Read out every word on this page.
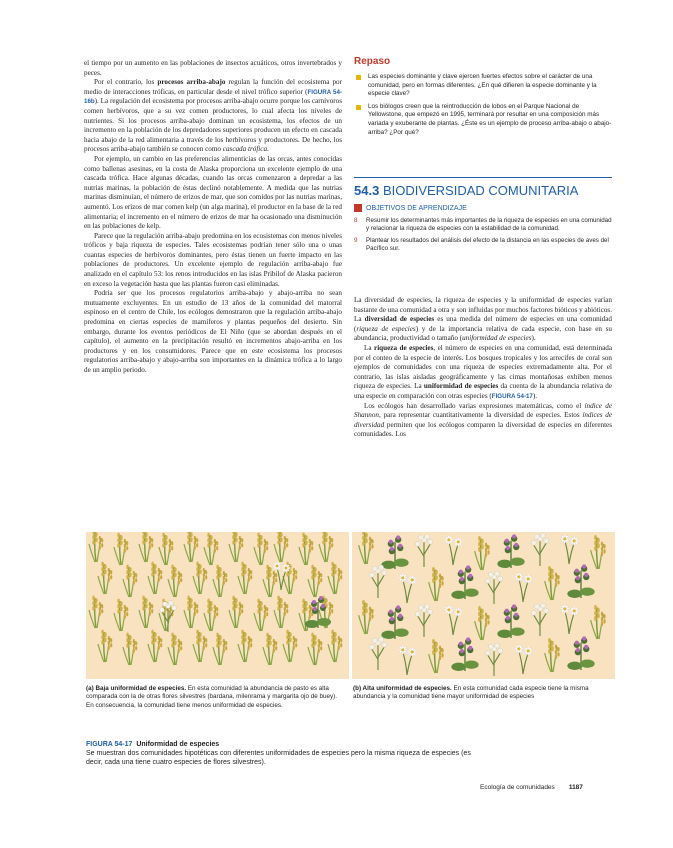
el tiempo por un aumento en las poblaciones de insectos acuáticos, otros invertebrados y peces.

Por el contrario, los procesos arriba-abajo regulan la función del ecosistema por medio de interacciones tróficas, en particular desde el nivel trófico superior (FIGURA 54-16b). La regulación del ecosistema por procesos arriba-abajo ocurre porque los carnívoros comen herbívoros, que a su vez comen productores, lo cual afecta los niveles de nutrientes. Si los procesos arriba-abajo dominan un ecosistema, los efectos de un incremento en la población de los depredadores superiores producen un efecto en cascada hacia abajo de la red alimentaria a través de los herbívoros y productores. De hecho, los procesos arriba-abajo también se conocen como cascada trófica.

Por ejemplo, un cambio en las preferencias alimenticias de las orcas, antes conocidas como ballenas asesinas, en la costa de Alaska proporciona un excelente ejemplo de una cascada trófica. Hace algunas décadas, cuando las orcas comenzaron a depredar a las nutrias marinas, la población de éstas declinó notablemente. A medida que las nutrias marinas disminuían, el número de erizos de mar, que son comidos por las nutrias marinas, aumentó. Los erizos de mar comen kelp (un alga marina), el productor en la base de la red alimentaria; el incremento en el número de erizos de mar ha ocasionado una disminución en las poblaciones de kelp.

Parece que la regulación arriba-abajo predomina en los ecosistemas con menos niveles tróficos y baja riqueza de especies. Tales ecosistemas podrían tener sólo una o unas cuantas especies de herbívoros dominantes, pero éstas tienen un fuerte impacto en las poblaciones de productores. Un excelente ejemplo de regulación arriba-abajo fue analizado en el capítulo 53: los renos introducidos en las islas Pribilof de Alaska pacieron en exceso la vegetación hasta que las plantas fueron casi eliminadas.

Podría ser que los procesos regulatorios arriba-abajo y abajo-arriba no sean mutuamente excluyentes. En un estudio de 13 años de la comunidad del matorral espinoso en el centro de Chile, los ecólogos demostraron que la regulación arriba-abajo predomina en ciertas especies de mamíferos y plantas pequeños del desierto. Sin embargo, durante los eventos periódicos de El Niño (que se abordan después en el capítulo), el aumento en la precipitación resultó en incrementos abajo-arriba en los productores y en los consumidores. Parece que en este ecosistema los procesos regulatorios arriba-abajo y abajo-arriba son importantes en la dinámica trófica a lo largo de un amplio periodo.

Repaso
Las especies dominante y clave ejercen fuertes efectos sobre el carácter de una comunidad, pero en formas diferentes. ¿En qué difieren la especie dominante y la especie clave?
Los biólogos creen que la reintroducción de lobos en el Parque Nacional de Yellowstone, que empezó en 1995, terminará por resultar en una composición más variada y exuberante de plantas. ¿Éste es un ejemplo de proceso arriba-abajo o abajo-arriba? ¿Por qué?
54.3 BIODIVERSIDAD COMUNITARIA
OBJETIVOS DE APRENDIZAJE
8 Resumir los determinantes más importantes de la riqueza de especies en una comunidad y relacionar la riqueza de especies con la estabilidad de la comunidad.
9 Plantear los resultados del análisis del efecto de la distancia en las especies de aves del Pacífico sur.

La diversidad de especies, la riqueza de especies y la uniformidad de especies varían bastante de una comunidad a otra y son influidas por muchos factores bióticos y abióticos. La diversidad de especies es una medida del número de especies en una comunidad (riqueza de especies) y de la importancia relativa de cada especie, con base en su abundancia, productividad o tamaño (uniformidad de especies).

La riqueza de especies, el número de especies en una comunidad, está determinada por el conteo de la especie de interés. Los bosques tropicales y los arrecifes de coral son ejemplos de comunidades con una riqueza de especies extremadamente alta. Por el contrario, las islas aisladas geográficamente y las cimas montañosas exhiben menos riqueza de especies. La uniformidad de especies da cuenta de la abundancia relativa de una especie en comparación con otras especies (FIGURA 54-17).

Los ecólogos han desarrollado varias expresiones matemáticas, como el índice de Shannon, para representar cuantitativamente la diversidad de especies. Estos índices de diversidad permiten que los ecólogos comparen la diversidad de especies en diferentes comunidades. Los

(a) Baja uniformidad de especies. En esta comunidad la abundancia de pasto es alta comparada con la de otras flores silvestres (bardana, milenrama y margarita ojo de buey). En consecuencia, la comunidad tiene menos uniformidad de especies.
(b) Alta uniformidad de especies. En esta comunidad cada especie tiene la misma abundancia y la comunidad tiene mayor uniformidad de especies
FIGURA 54-17 Uniformidad de especies
Se muestran dos comunidades hipotéticas con diferentes uniformidades de especies pero la misma riqueza de especies (es decir, cada una tiene cuatro especies de flores silvestres).
Ecología de comunidades 1187
